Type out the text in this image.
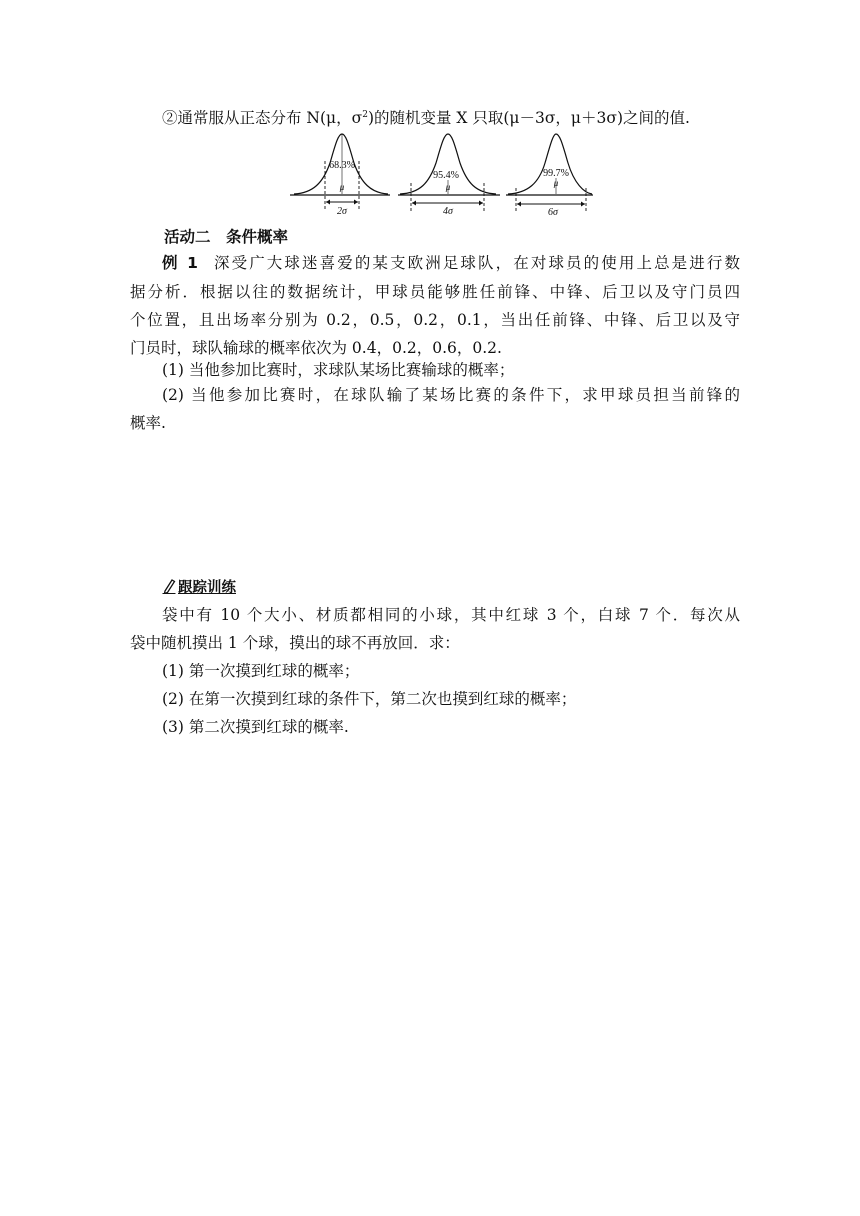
②通常服从正态分布 N(μ，$\sigma^2$)的随机变量 X 只取(μ－3σ，μ＋3σ)之间的值.
68.3%
μ
2σ
95.4%
μ
4σ
99.7%
μ
6σ
活动二　条件概率
例 1 深受广大球迷喜爱的某支欧洲足球队，在对球员的使用上总是进行数
据分析．根据以往的数据统计，甲球员能够胜任前锋、中锋、后卫以及守门员四
个位置，且出场率分别为 0.2，0.5，0.2，0.1，当出任前锋、中锋、后卫以及守
门员时，球队输球的概率依次为 0.4，0.2，0.6，0.2.
(1) 当他参加比赛时，求球队某场比赛输球的概率；
(2) 当他参加比赛时，在球队输了某场比赛的条件下，求甲球员担当前锋的
概率.
跟踪训练
袋中有 10 个大小、材质都相同的小球，其中红球 3 个，白球 7 个．每次从
袋中随机摸出 1 个球，摸出的球不再放回．求：
(1) 第一次摸到红球的概率；
(2) 在第一次摸到红球的条件下，第二次也摸到红球的概率；
(3) 第二次摸到红球的概率.
